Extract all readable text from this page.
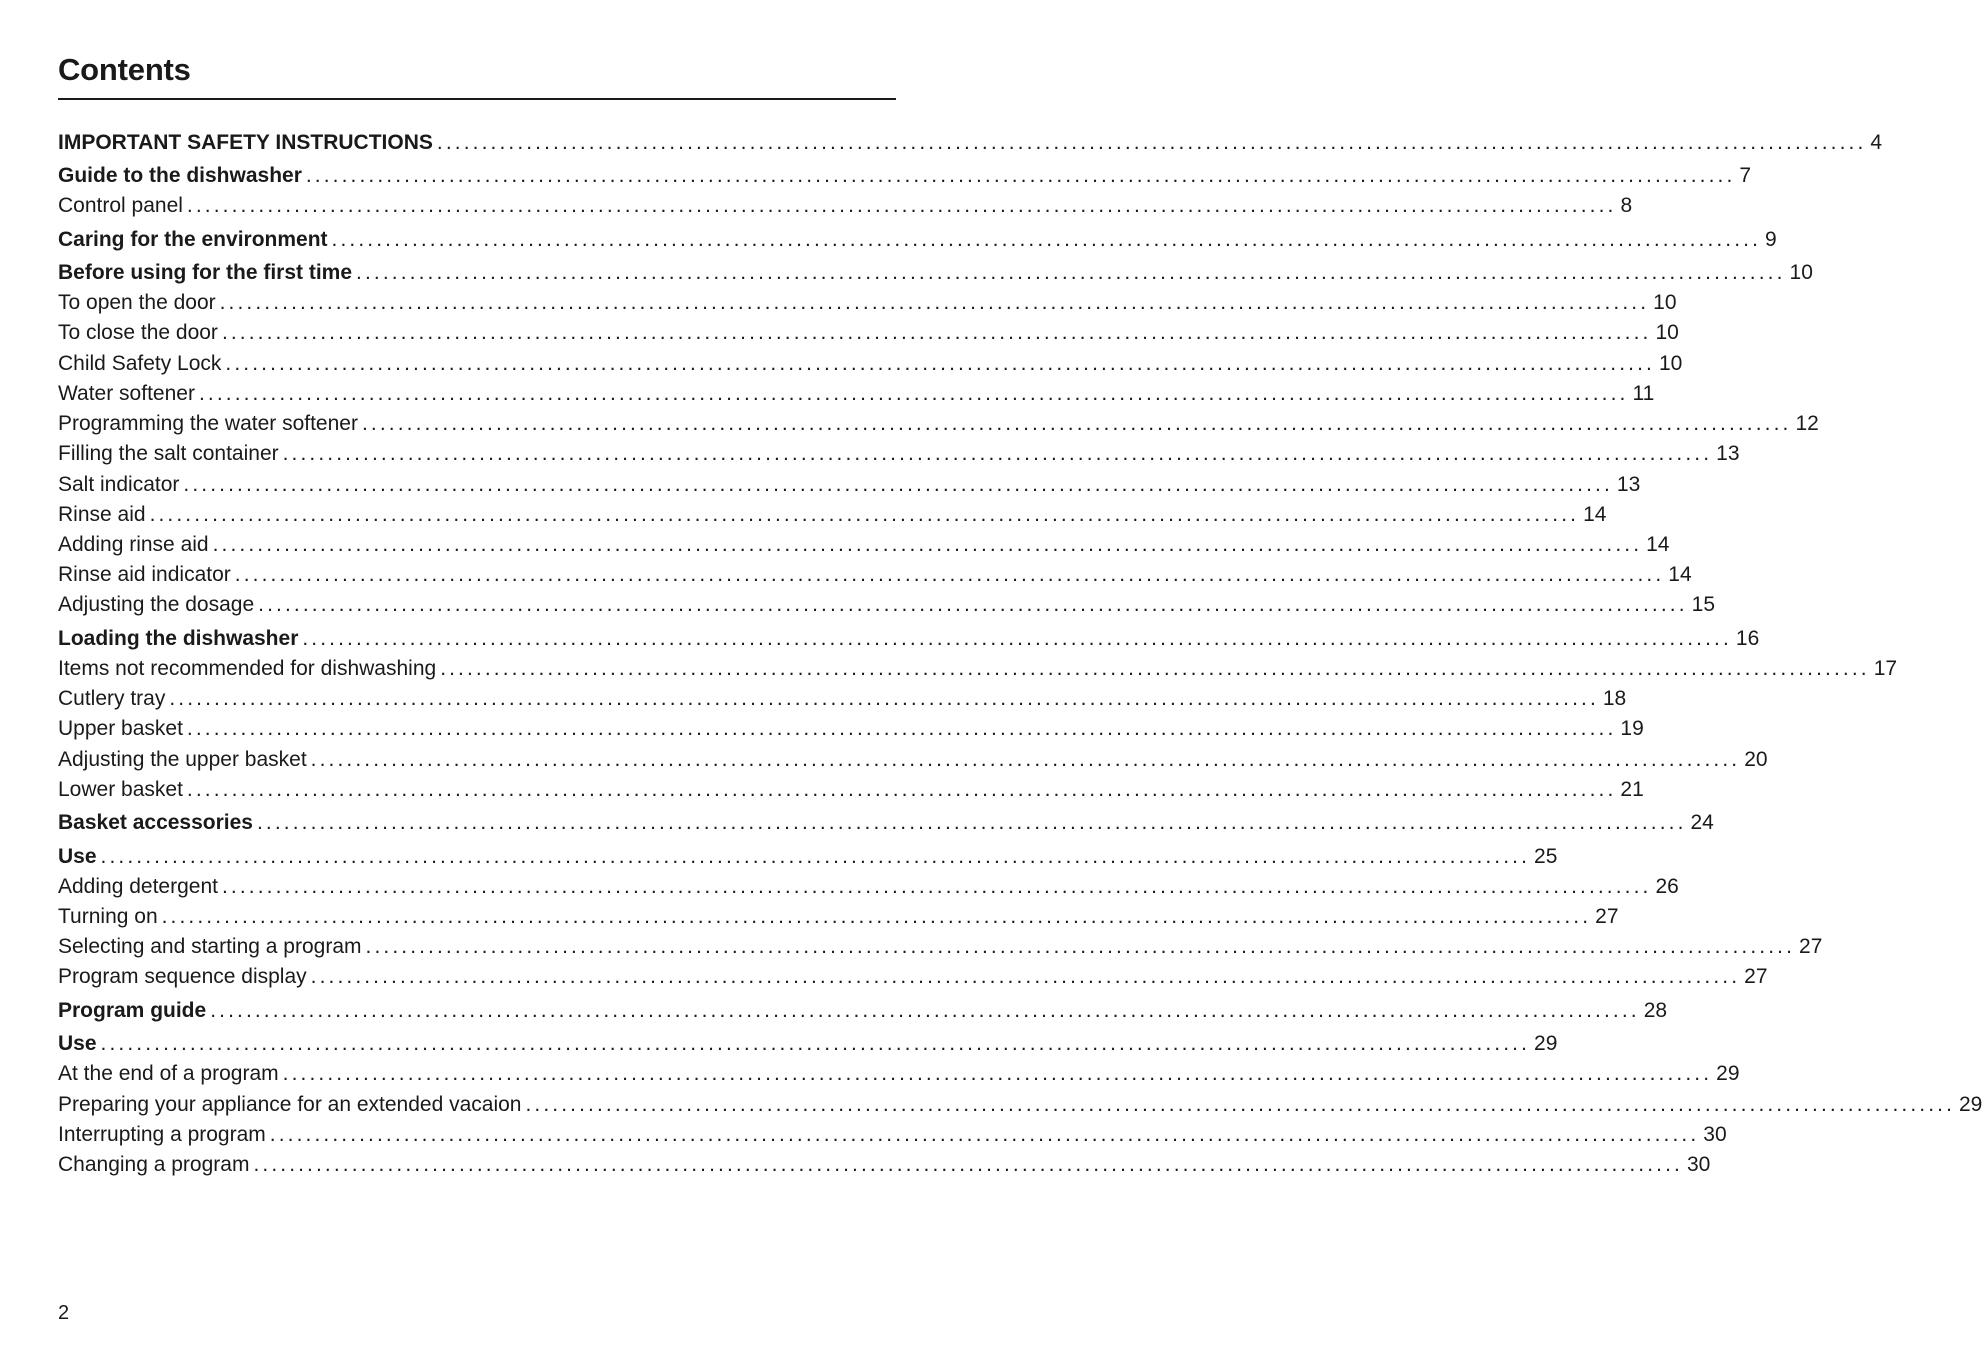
Contents
IMPORTANT SAFETY INSTRUCTIONS ................................................................................................................................................................ 4
Guide to the dishwasher ................................................................................................................................................................ 7
Control panel ................................................................................................................................................................ 8
Caring for the environment ................................................................................................................................................................ 9
Before using for the first time ................................................................................................................................................................ 10
To open the door ................................................................................................................................................................ 10
To close the door ................................................................................................................................................................ 10
Child Safety Lock ................................................................................................................................................................ 10
Water softener ................................................................................................................................................................ 11
Programming the water softener ................................................................................................................................................................ 12
Filling the salt container ................................................................................................................................................................ 13
Salt indicator ................................................................................................................................................................ 13
Rinse aid ................................................................................................................................................................ 14
Adding rinse aid ................................................................................................................................................................ 14
Rinse aid indicator ................................................................................................................................................................ 14
Adjusting the dosage ................................................................................................................................................................ 15
Loading the dishwasher ................................................................................................................................................................ 16
Items not recommended for dishwashing ................................................................................................................................................................ 17
Cutlery tray ................................................................................................................................................................ 18
Upper basket ................................................................................................................................................................ 19
Adjusting the upper basket ................................................................................................................................................................ 20
Lower basket ................................................................................................................................................................ 21
Basket accessories ................................................................................................................................................................ 24
Use ................................................................................................................................................................ 25
Adding detergent ................................................................................................................................................................ 26
Turning on ................................................................................................................................................................ 27
Selecting and starting a program ................................................................................................................................................................ 27
Program sequence display ................................................................................................................................................................ 27
Program guide ................................................................................................................................................................ 28
Use ................................................................................................................................................................ 29
At the end of a program ................................................................................................................................................................ 29
Preparing your appliance for an extended vacaion ................................................................................................................................................................ 29
Interrupting a program ................................................................................................................................................................ 30
Changing a program ................................................................................................................................................................ 30
2
